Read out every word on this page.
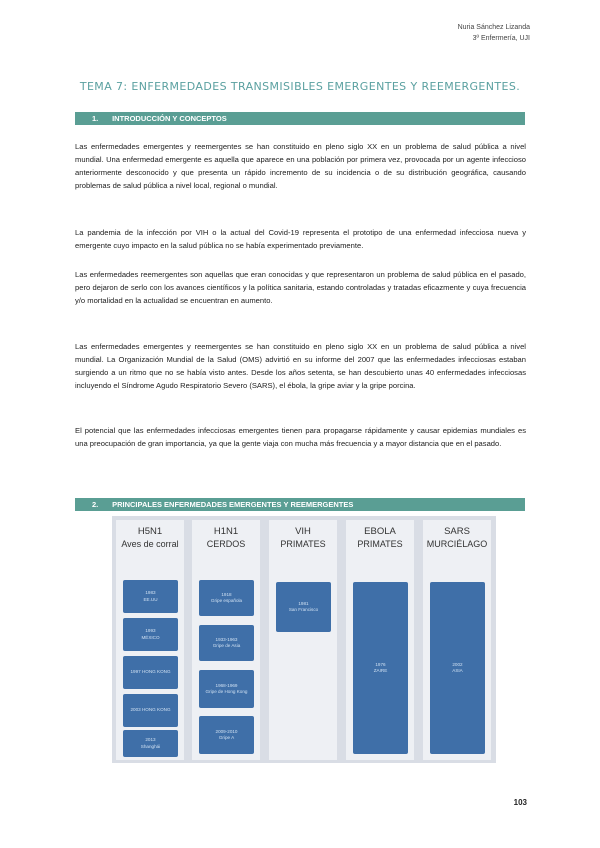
Nuria Sánchez Lizanda
3º Enfermería, UJI
TEMA 7: ENFERMEDADES TRANSMISIBLES EMERGENTES Y REEMERGENTES.
1. INTRODUCCIÓN Y CONCEPTOS

Las enfermedades emergentes y reemergentes se han constituido en pleno siglo XX en un problema de salud pública a nivel mundial. Una enfermedad emergente es aquella que aparece en una población por primera vez, provocada por un agente infeccioso anteriormente desconocido y que presenta un rápido incremento de su incidencia o de su distribución geográfica, causando problemas de salud pública a nivel local, regional o mundial.

La pandemia de la infección por VIH o la actual del Covid-19 representa el prototipo de una enfermedad infecciosa nueva y emergente cuyo impacto en la salud pública no se había experimentado previamente.

Las enfermedades reemergentes son aquellas que eran conocidas y que representaron un problema de salud pública en el pasado, pero dejaron de serlo con los avances científicos y la política sanitaria, estando controladas y tratadas eficazmente y cuya frecuencia y/o mortalidad en la actualidad se encuentran en aumento.

Las enfermedades emergentes y reemergentes se han constituido en pleno siglo XX en un problema de salud pública a nivel mundial. La Organización Mundial de la Salud (OMS) advirtió en su informe del 2007 que las enfermedades infecciosas estaban surgiendo a un ritmo que no se había visto antes. Desde los años setenta, se han descubierto unas 40 enfermedades infecciosas incluyendo el Síndrome Agudo Respiratorio Severo (SARS), el ébola, la gripe aviar y la gripe porcina.

El potencial que las enfermedades infecciosas emergentes tienen para propagarse rápidamente y causar epidemias mundiales es una preocupación de gran importancia, ya que la gente viaja con mucha más frecuencia y a mayor distancia que en el pasado.

2. PRINCIPALES ENFERMEDADES EMERGENTES Y REEMERGENTES
H5N1
Aves de corral
1983
EE.UU
1993
MÉXICO
1997 HONG KONG
2003 HONG KONG
2013
Shanghái
H1N1
CERDOS
1918
Gripe española
1933-1963
Gripe de Asia
1968-1969
Gripe de Hong Kong
2009-2010
Gripe A
VIH
PRIMATES
1981
San Francisco
EBOLA
PRIMATES
1976
ZAIRE
SARS
MURCIÉLAGO
2002
ASIA
103
